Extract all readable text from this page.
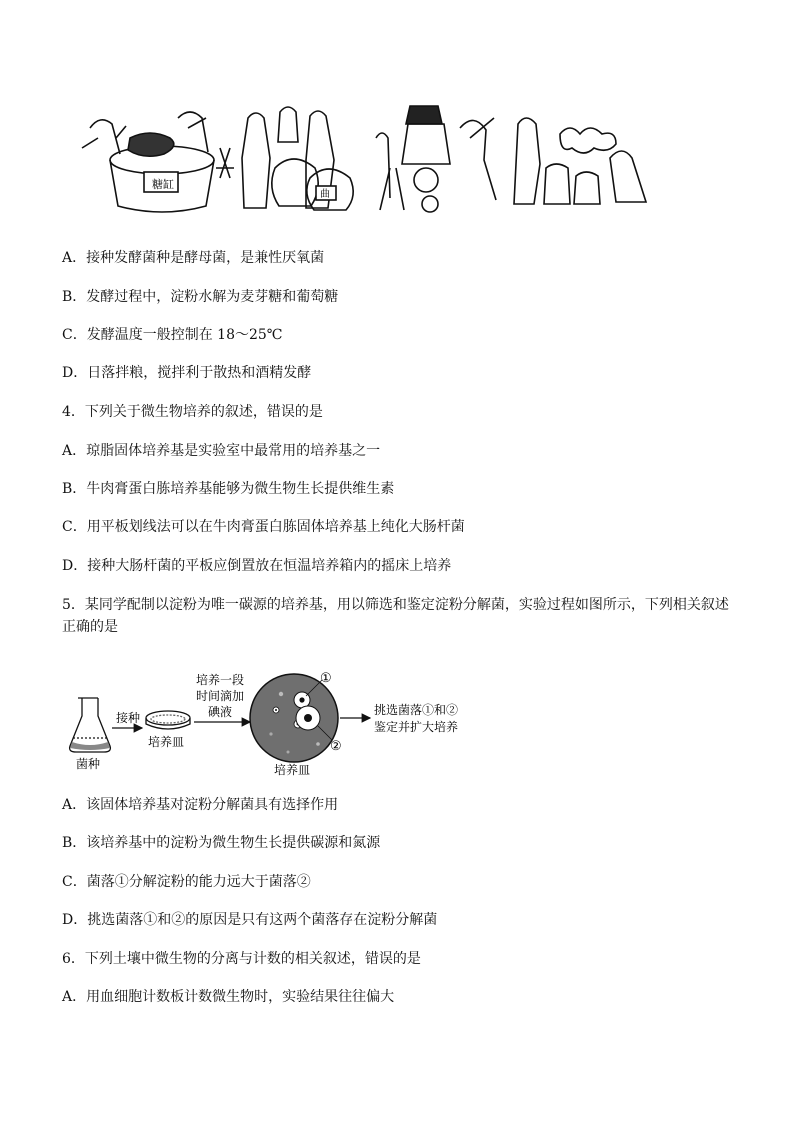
糖缸
曲
A．接种发酵菌种是酵母菌，是兼性厌氧菌
B．发酵过程中，淀粉水解为麦芽糖和葡萄糖
C．发酵温度一般控制在 18～25℃
D．日落拌粮，搅拌利于散热和酒精发酵
4．下列关于微生物培养的叙述，错误的是
A．琼脂固体培养基是实验室中最常用的培养基之一
B．牛肉膏蛋白胨培养基能够为微生物生长提供维生素
C．用平板划线法可以在牛肉膏蛋白胨固体培养基上纯化大肠杆菌
D．接种大肠杆菌的平板应倒置放在恒温培养箱内的摇床上培养
5．某同学配制以淀粉为唯一碳源的培养基，用以筛选和鉴定淀粉分解菌，实验过程如图所示，下列相关叙述正确的是
菌种
接种
培养皿
培养一段
时间滴加
碘液
①
②
培养皿
挑选菌落①和②
鉴定并扩大培养
A．该固体培养基对淀粉分解菌具有选择作用
B．该培养基中的淀粉为微生物生长提供碳源和氮源
C．菌落①分解淀粉的能力远大于菌落②
D．挑选菌落①和②的原因是只有这两个菌落存在淀粉分解菌
6．下列土壤中微生物的分离与计数的相关叙述，错误的是
A．用血细胞计数板计数微生物时，实验结果往往偏大
